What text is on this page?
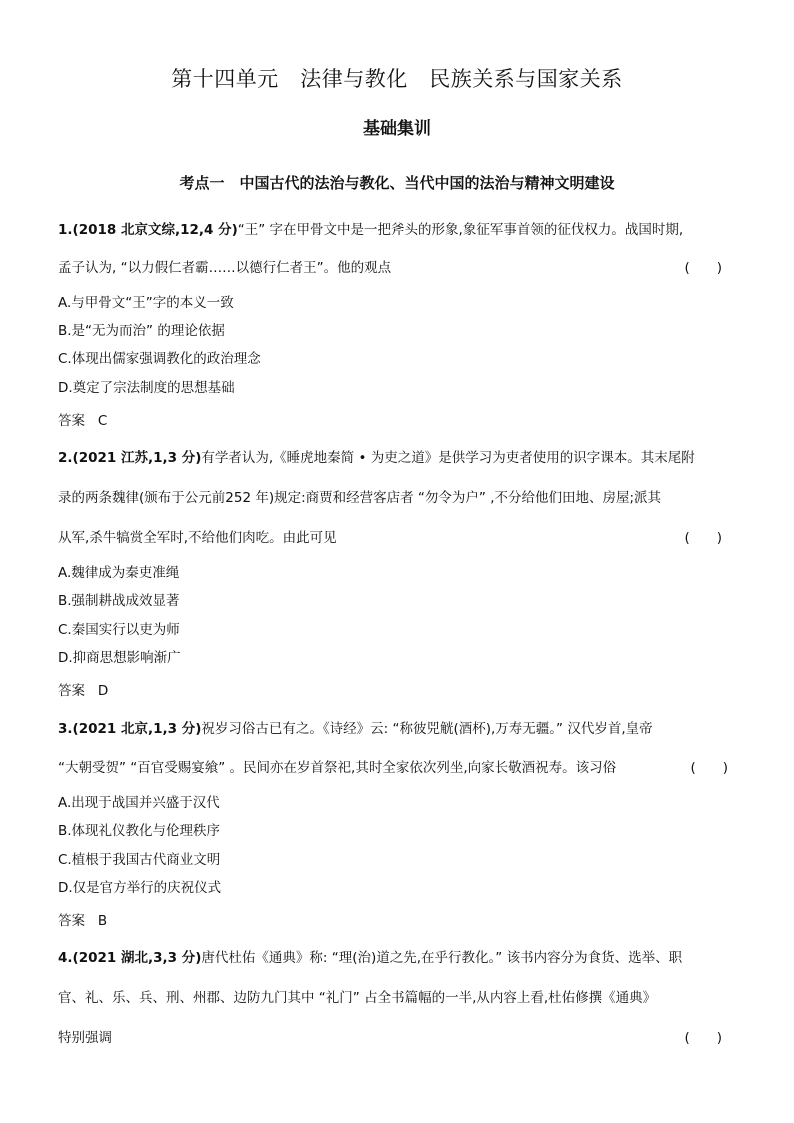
第十四单元　法律与教化　民族关系与国家关系
基础集训
考点一　中国古代的法治与教化、当代中国的法治与精神文明建设
1.(2018 北京文综,12,4 分)“王” 字在甲骨文中是一把斧头的形象,象征军事首领的征伐权力。战国时期,
孟子认为, “以力假仁者霸……以德行仁者王”。他的观点	(　　)
A.与甲骨文“王”字的本义一致
B.是“无为而治” 的理论依据
C.体现出儒家强调教化的政治理念
D.奠定了宗法制度的思想基础
答案 C
2.(2021 江苏,1,3 分)有学者认为,《睡虎地秦简 • 为吏之道》是供学习为吏者使用的识字课本。其末尾附
录的两条魏律(颁布于公元前252 年)规定:商贾和经营客店者 “勿令为户” ,不分给他们田地、房屋;派其
从军,杀牛犒赏全军时,不给他们肉吃。由此可见	(　　)
A.魏律成为秦吏准绳
B.强制耕战成效显著
C.秦国实行以吏为师
D.抑商思想影响渐广
答案 D
3.(2021 北京,1,3 分)祝岁习俗古已有之。《诗经》云: “称彼兕觥(酒杯),万寿无疆。” 汉代岁首,皇帝
“大朝受贺” “百官受赐宴飨” 。民间亦在岁首祭祀,其时全家依次列坐,向家长敬酒祝寿。该习俗	(　　)
A.出现于战国并兴盛于汉代
B.体现礼仪教化与伦理秩序
C.植根于我国古代商业文明
D.仅是官方举行的庆祝仪式
答案 B
4.(2021 湖北,3,3 分)唐代杜佑《通典》称: “理(治)道之先,在乎行教化。” 该书内容分为食货、选举、职
官、礼、乐、兵、刑、州郡、边防九门其中 “礼门” 占全书篇幅的一半,从内容上看,杜佑修撰《通典》
特别强调	(　　)
